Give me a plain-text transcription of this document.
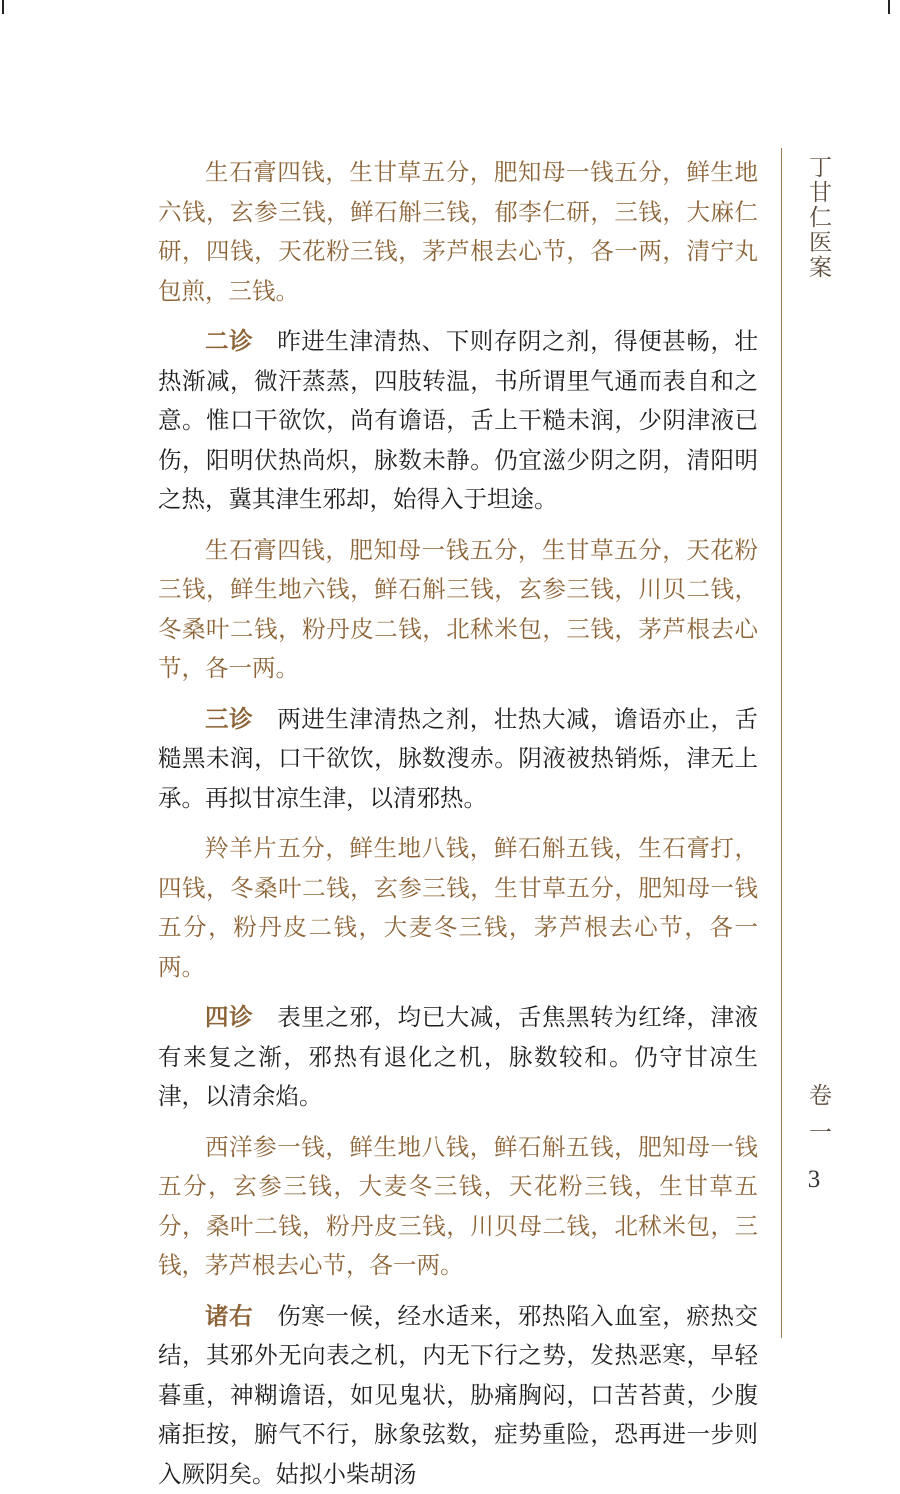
丁甘仁医案
卷一
3

生石膏四钱，生甘草五分，肥知母一钱五分，鲜生地六钱，玄参三钱，鲜石斛三钱，郁李仁研，三钱，大麻仁研，四钱，天花粉三钱，茅芦根去心节，各一两，清宁丸包煎，三钱。

二诊　 昨进生津清热、下则存阴之剂，得便甚畅，壮热渐减，微汗蒸蒸，四肢转温，书所谓里气通而表自和之意。惟口干欲饮，尚有谵语，舌上干糙未润，少阴津液已伤，阳明伏热尚炽，脉数未静。仍宜滋少阴之阴，清阳明之热，冀其津生邪却，始得入于坦途。

生石膏四钱，肥知母一钱五分，生甘草五分，天花粉三钱，鲜生地六钱，鲜石斛三钱，玄参三钱，川贝二钱，冬桑叶二钱，粉丹皮二钱，北秫米包，三钱，茅芦根去心节，各一两。

三诊　 两进生津清热之剂，壮热大减，谵语亦止，舌糙黑未润，口干欲饮，脉数溲赤。阴液被热销烁，津无上承。再拟甘凉生津，以清邪热。

羚羊片五分，鲜生地八钱，鲜石斛五钱，生石膏打，四钱，冬桑叶二钱，玄参三钱，生甘草五分，肥知母一钱五分，粉丹皮二钱，大麦冬三钱，茅芦根去心节，各一两。

四诊　 表里之邪，均已大减，舌焦黑转为红绛，津液有来复之渐，邪热有退化之机，脉数较和。仍守甘凉生津，以清余焰。

西洋参一钱，鲜生地八钱，鲜石斛五钱，肥知母一钱五分，玄参三钱，大麦冬三钱，天花粉三钱，生甘草五分，桑叶二钱，粉丹皮三钱，川贝母二钱，北秫米包，三钱，茅芦根去心节，各一两。

诸右　 伤寒一候，经水适来，邪热陷入血室，瘀热交结，其邪外无向表之机，内无下行之势，发热恶寒，早轻暮重，神糊谵语，如见鬼状，胁痛胸闷，口苦苔黄，少腹痛拒按，腑气不行，脉象弦数，症势重险，恐再进一步则入厥阴矣。姑拟小柴胡汤
